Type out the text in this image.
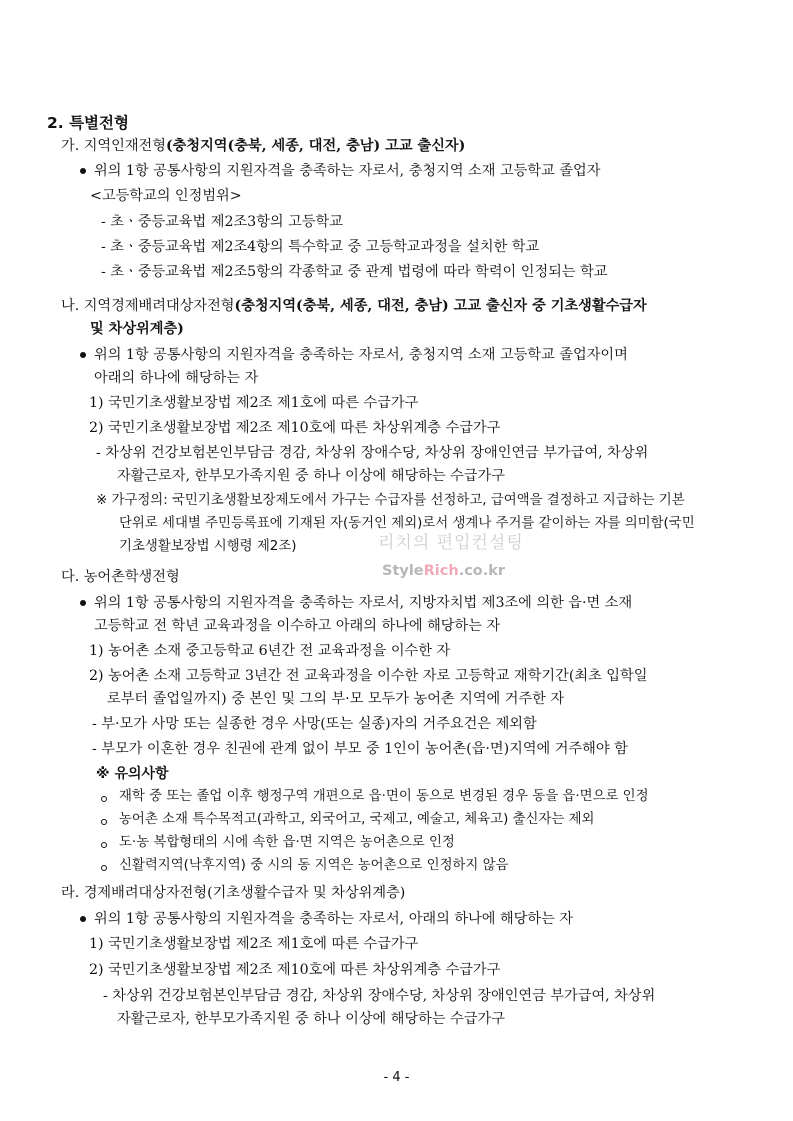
2. 특별전형
가. 지역인재전형(충청지역(충북, 세종, 대전, 충남) 고교 출신자)
위의 1항 공통사항의 지원자격을 충족하는 자로서, 충청지역 소재 고등학교 졸업자
<고등학교의 인정범위>
- 초ㆍ중등교육법 제2조3항의 고등학교
- 초ㆍ중등교육법 제2조4항의 특수학교 중 고등학교과정을 설치한 학교
- 초ㆍ중등교육법 제2조5항의 각종학교 중 관계 법령에 따라 학력이 인정되는 학교
나. 지역경제배려대상자전형(충청지역(충북, 세종, 대전, 충남) 고교 출신자 중 기초생활수급자
및 차상위계층)
위의 1항 공통사항의 지원자격을 충족하는 자로서, 충청지역 소재 고등학교 졸업자이며
아래의 하나에 해당하는 자
1) 국민기초생활보장법 제2조 제1호에 따른 수급가구
2) 국민기초생활보장법 제2조 제10호에 따른 차상위계층 수급가구
- 차상위 건강보험본인부담금 경감, 차상위 장애수당, 차상위 장애인연금 부가급여, 차상위
자활근로자, 한부모가족지원 중 하나 이상에 해당하는 수급가구
※ 가구정의: 국민기초생활보장제도에서 가구는 수급자를 선정하고, 급여액을 결정하고 지급하는 기본
단위로 세대별 주민등록표에 기재된 자(동거인 제외)로서 생계나 주거를 같이하는 자를 의미함(국민
기초생활보장법 시행령 제2조)	리치의 편입컨설팅
StyleRich.co.kr
다. 농어촌학생전형
위의 1항 공통사항의 지원자격을 충족하는 자로서, 지방자치법 제3조에 의한 읍·면 소재
고등학교 전 학년 교육과정을 이수하고 아래의 하나에 해당하는 자
1) 농어촌 소재 중고등학교 6년간 전 교육과정을 이수한 자
2) 농어촌 소재 고등학교 3년간 전 교육과정을 이수한 자로 고등학교 재학기간(최초 입학일
로부터 졸업일까지) 중 본인 및 그의 부·모 모두가 농어촌 지역에 거주한 자
- 부·모가 사망 또는 실종한 경우 사망(또는 실종)자의 거주요건은 제외함
- 부모가 이혼한 경우 친권에 관계 없이 부모 중 1인이 농어촌(읍·면)지역에 거주해야 함
※ 유의사항
재학 중 또는 졸업 이후 행정구역 개편으로 읍·면이 동으로 변경된 경우 동을 읍·면으로 인정
농어촌 소재 특수목적고(과학고, 외국어고, 국제고, 예술고, 체육고) 출신자는 제외
도·농 복합형태의 시에 속한 읍·면 지역은 농어촌으로 인정
신활력지역(낙후지역) 중 시의 동 지역은 농어촌으로 인정하지 않음
라. 경제배려대상자전형(기초생활수급자 및 차상위계층)
위의 1항 공통사항의 지원자격을 충족하는 자로서, 아래의 하나에 해당하는 자
1) 국민기초생활보장법 제2조 제1호에 따른 수급가구
2) 국민기초생활보장법 제2조 제10호에 따른 차상위계층 수급가구
- 차상위 건강보험본인부담금 경감, 차상위 장애수당, 차상위 장애인연금 부가급여, 차상위
자활근로자, 한부모가족지원 중 하나 이상에 해당하는 수급가구
- 4 -
